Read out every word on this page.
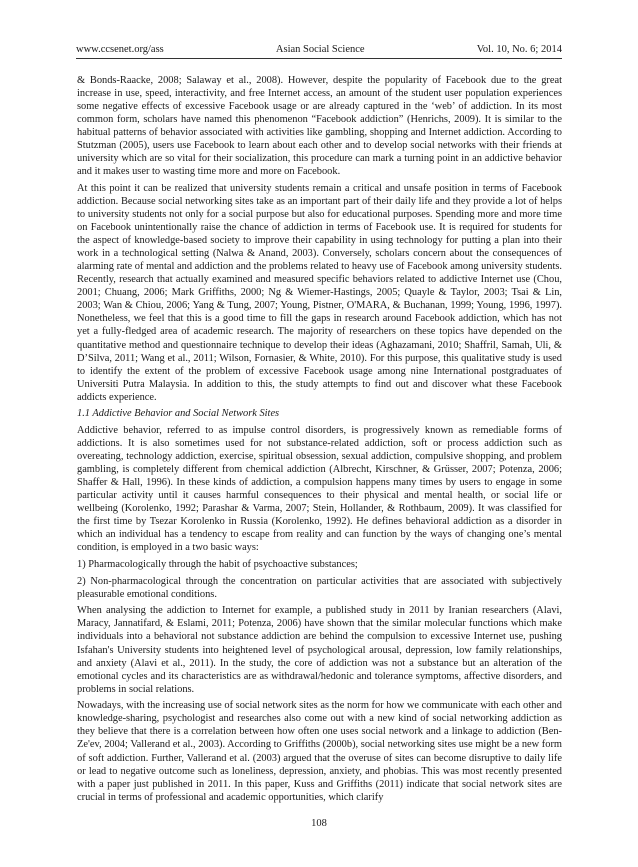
www.ccsenet.org/ass	Asian Social Science	Vol. 10, No. 6; 2014

& Bonds-Raacke, 2008; Salaway et al., 2008). However, despite the popularity of Facebook due to the great increase in use, speed, interactivity, and free Internet access, an amount of the student user population experiences some negative effects of excessive Facebook usage or are already captured in the ‘web’ of addiction. In its most common form, scholars have named this phenomenon “Facebook addiction” (Henrichs, 2009). It is similar to the habitual patterns of behavior associated with activities like gambling, shopping and Internet addiction. According to Stutzman (2005), users use Facebook to learn about each other and to develop social networks with their friends at university which are so vital for their socialization, this procedure can mark a turning point in an addictive behavior and it makes user to wasting time more and more on Facebook.

At this point it can be realized that university students remain a critical and unsafe position in terms of Facebook addiction. Because social networking sites take as an important part of their daily life and they provide a lot of helps to university students not only for a social purpose but also for educational purposes. Spending more and more time on Facebook unintentionally raise the chance of addiction in terms of Facebook use. It is required for students for the aspect of knowledge-based society to improve their capability in using technology for putting a plan into their work in a technological setting (Nalwa & Anand, 2003). Conversely, scholars concern about the consequences of alarming rate of mental and addiction and the problems related to heavy use of Facebook among university students. Recently, research that actually examined and measured specific behaviors related to addictive Internet use (Chou, 2001; Chuang, 2006; Mark Griffiths, 2000; Ng & Wiemer-Hastings, 2005; Quayle & Taylor, 2003; Tsai & Lin, 2003; Wan & Chiou, 2006; Yang & Tung, 2007; Young, Pistner, O'MARA, & Buchanan, 1999; Young, 1996, 1997). Nonetheless, we feel that this is a good time to fill the gaps in research around Facebook addiction, which has not yet a fully-fledged area of academic research. The majority of researchers on these topics have depended on the quantitative method and questionnaire technique to develop their ideas (Aghazamani, 2010; Shaffril, Samah, Uli, & D’Silva, 2011; Wang et al., 2011; Wilson, Fornasier, & White, 2010). For this purpose, this qualitative study is used to identify the extent of the problem of excessive Facebook usage among nine International postgraduates of Universiti Putra Malaysia. In addition to this, the study attempts to find out and discover what these Facebook addicts experience.

1.1 Addictive Behavior and Social Network Sites

Addictive behavior, referred to as impulse control disorders, is progressively known as remediable forms of addictions. It is also sometimes used for not substance-related addiction, soft or process addiction such as overeating, technology addiction, exercise, spiritual obsession, sexual addiction, compulsive shopping, and problem gambling, is completely different from chemical addiction (Albrecht, Kirschner, & Grüsser, 2007; Potenza, 2006; Shaffer & Hall, 1996). In these kinds of addiction, a compulsion happens many times by users to engage in some particular activity until it causes harmful consequences to their physical and mental health, or social life or wellbeing (Korolenko, 1992; Parashar & Varma, 2007; Stein, Hollander, & Rothbaum, 2009). It was classified for the first time by Tsezar Korolenko in Russia (Korolenko, 1992). He defines behavioral addiction as a disorder in which an individual has a tendency to escape from reality and can function by the ways of changing one’s mental condition, is employed in a two basic ways:

1) Pharmacologically through the habit of psychoactive substances;

2) Non-pharmacological through the concentration on particular activities that are associated with subjectively pleasurable emotional conditions.

When analysing the addiction to Internet for example, a published study in 2011 by Iranian researchers (Alavi, Maracy, Jannatifard, & Eslami, 2011; Potenza, 2006) have shown that the similar molecular functions which make individuals into a behavioral not substance addiction are behind the compulsion to excessive Internet use, pushing Isfahan's University students into heightened level of psychological arousal, depression, low family relationships, and anxiety (Alavi et al., 2011). In the study, the core of addiction was not a substance but an alteration of the emotional cycles and its characteristics are as withdrawal/hedonic and tolerance symptoms, affective disorders, and problems in social relations.

Nowadays, with the increasing use of social network sites as the norm for how we communicate with each other and knowledge-sharing, psychologist and researches also come out with a new kind of social networking addiction as they believe that there is a correlation between how often one uses social network and a linkage to addiction (Ben-Ze'ev, 2004; Vallerand et al., 2003). According to Griffiths (2000b), social networking sites use might be a new form of soft addiction. Further, Vallerand et al. (2003) argued that the overuse of sites can become disruptive to daily life or lead to negative outcome such as loneliness, depression, anxiety, and phobias. This was most recently presented with a paper just published in 2011. In this paper, Kuss and Griffiths (2011) indicate that social network sites are crucial in terms of professional and academic opportunities, which clarify

108
